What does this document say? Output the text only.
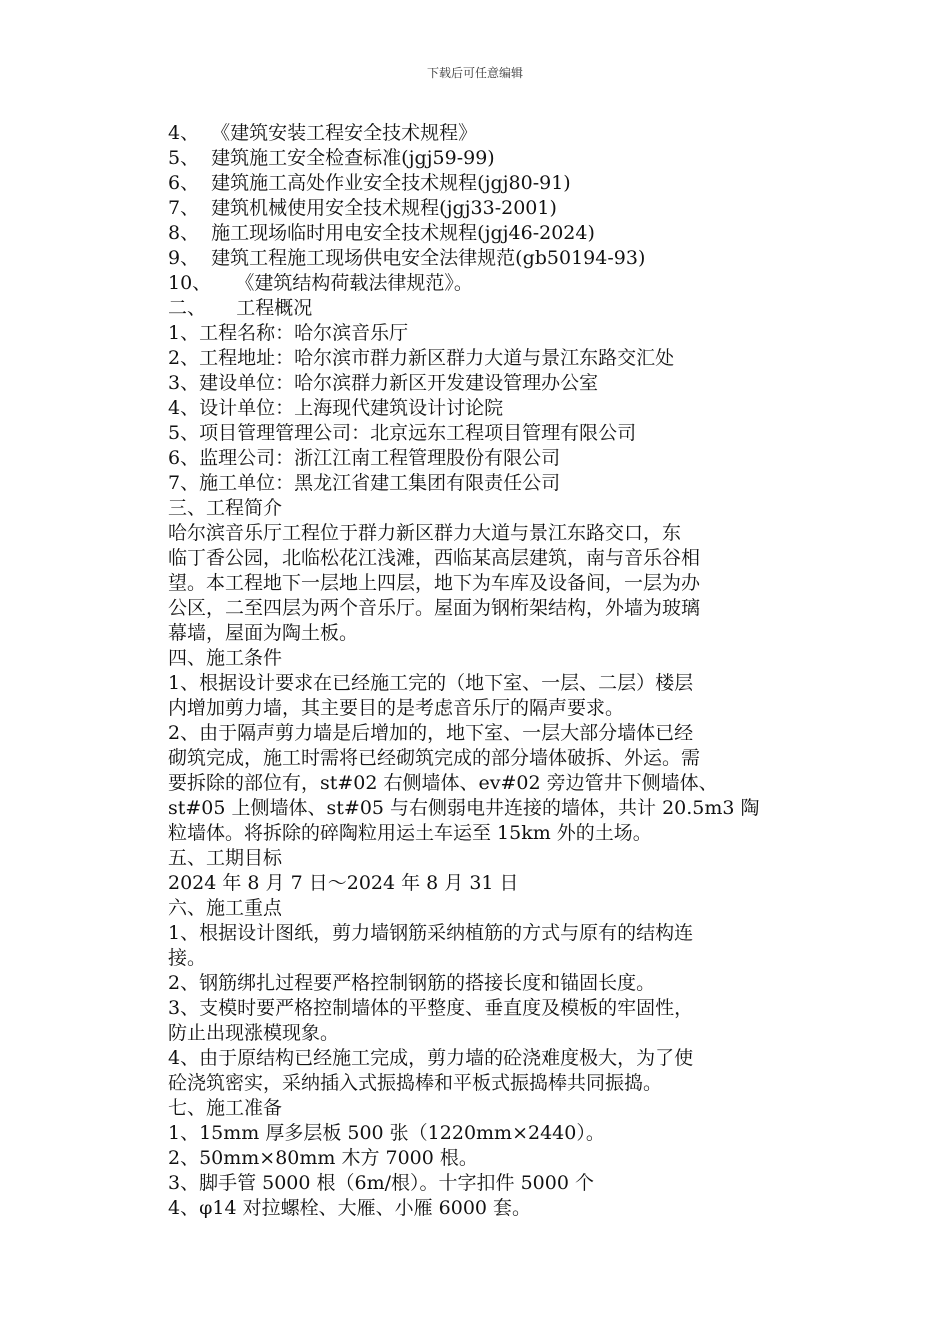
下载后可任意编辑
4、  《建筑安装工程安全技术规程》
5、  建筑施工安全检查标准(jgj59-99)
6、  建筑施工高处作业安全技术规程(jgj80-91)
7、  建筑机械使用安全技术规程(jgj33-2001)
8、  施工现场临时用电安全技术规程(jgj46-2024)
9、  建筑工程施工现场供电安全法律规范(gb50194-93)
10、    《建筑结构荷载法律规范》。
二、     工程概况
1、工程名称：哈尔滨音乐厅
2、工程地址：哈尔滨市群力新区群力大道与景江东路交汇处
3、建设单位：哈尔滨群力新区开发建设管理办公室
4、设计单位：上海现代建筑设计讨论院
5、项目管理管理公司：北京远东工程项目管理有限公司
6、监理公司：浙江江南工程管理股份有限公司
7、施工单位：黑龙江省建工集团有限责任公司
三、工程简介
哈尔滨音乐厅工程位于群力新区群力大道与景江东路交口，东
临丁香公园，北临松花江浅滩，西临某高层建筑，南与音乐谷相
望。本工程地下一层地上四层，地下为车库及设备间，一层为办
公区，二至四层为两个音乐厅。屋面为钢桁架结构，外墙为玻璃
幕墙，屋面为陶土板。
四、施工条件
1、根据设计要求在已经施工完的（地下室、一层、二层）楼层
内增加剪力墙，其主要目的是考虑音乐厅的隔声要求。
2、由于隔声剪力墙是后增加的，地下室、一层大部分墙体已经
砌筑完成，施工时需将已经砌筑完成的部分墙体破拆、外运。需
要拆除的部位有，st#02 右侧墙体、ev#02 旁边管井下侧墙体、
st#05 上侧墙体、st#05 与右侧弱电井连接的墙体，共计 20.5m3 陶
粒墙体。将拆除的碎陶粒用运土车运至 15km 外的土场。
五、工期目标
2024 年 8 月 7 日～2024 年 8 月 31 日
六、施工重点
1、根据设计图纸，剪力墙钢筋采纳植筋的方式与原有的结构连
接。
2、钢筋绑扎过程要严格控制钢筋的搭接长度和锚固长度。
3、支模时要严格控制墙体的平整度、垂直度及模板的牢固性，
防止出现涨模现象。
4、由于原结构已经施工完成，剪力墙的砼浇难度极大，为了使
砼浇筑密实，采纳插入式振捣棒和平板式振捣棒共同振捣。
七、施工准备
1、15mm 厚多层板 500 张（1220mm×2440）。
2、50mm×80mm 木方 7000 根。
3、脚手管 5000 根（6m/根）。十字扣件 5000 个
4、φ14 对拉螺栓、大雁、小雁 6000 套。
